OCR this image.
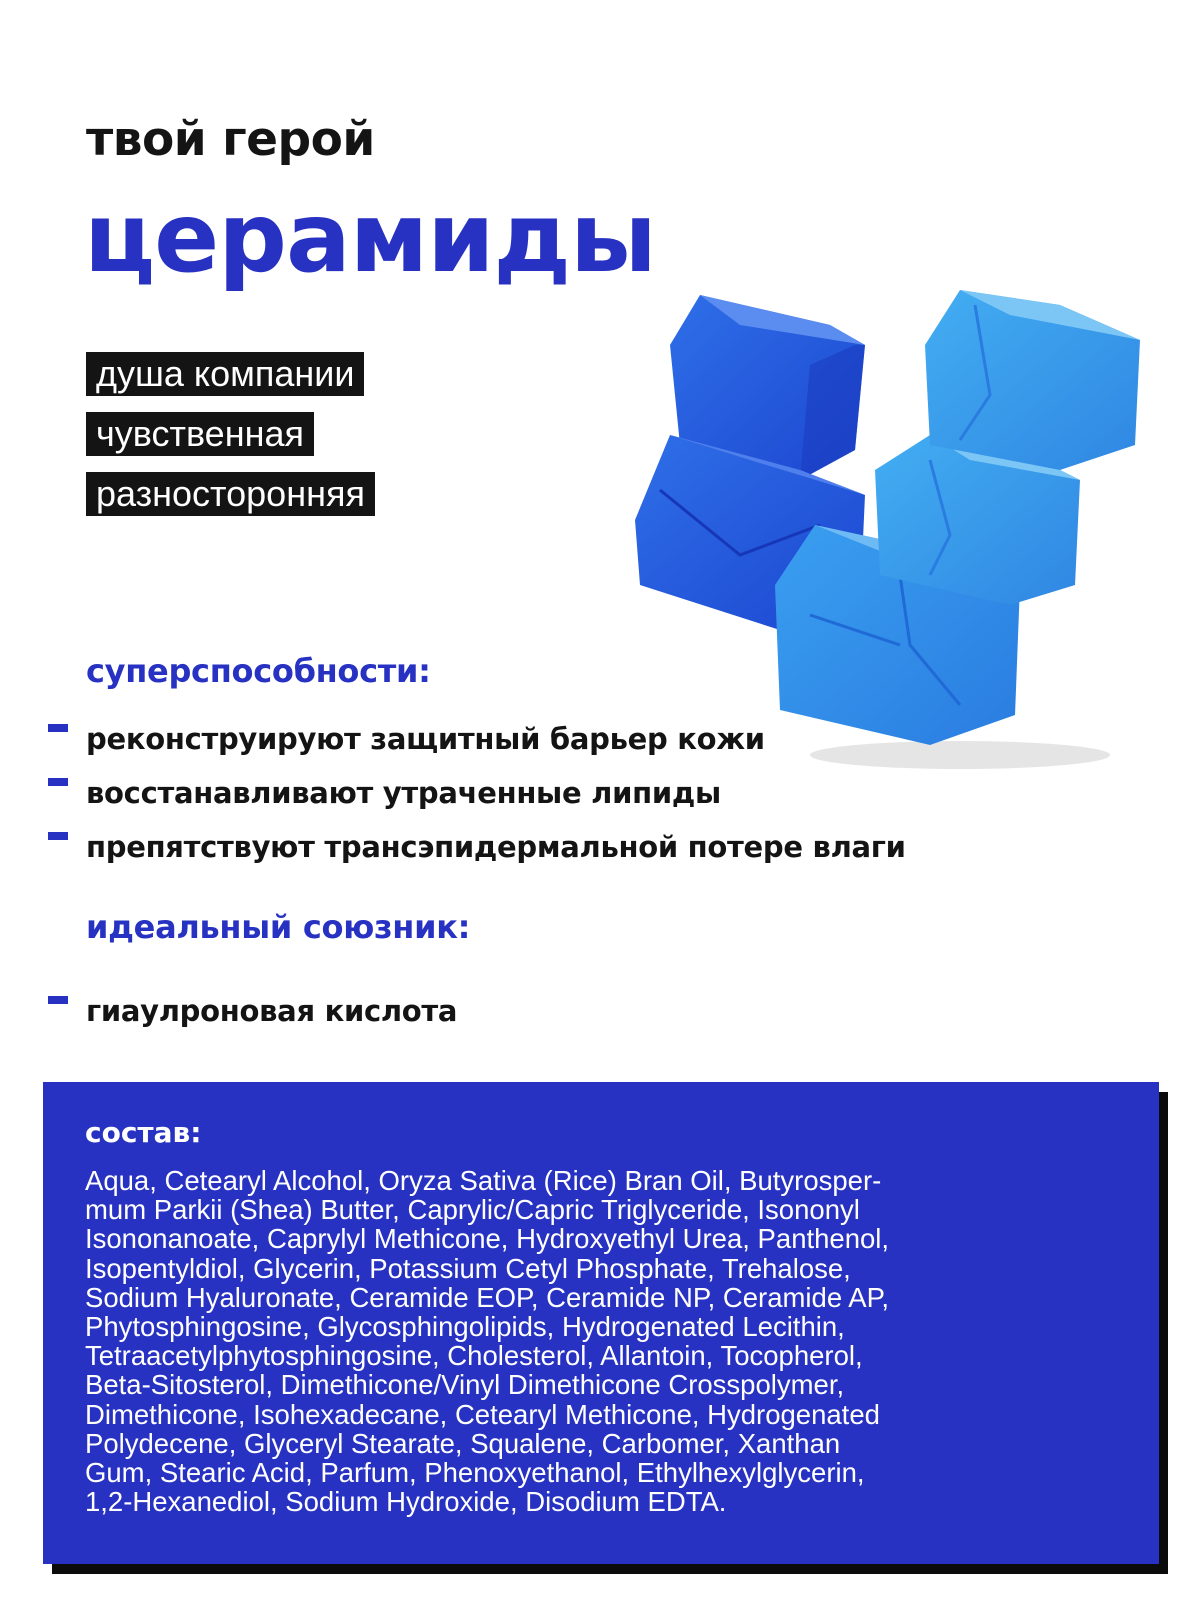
твой герой
церамиды
душа компании
чувственная
разносторонняя
суперспособности:
реконструируют защитный барьер кожи
восстанавливают утраченные липиды
препятствуют трансэпидермальной потере влаги
идеальный союзник:
гиаулроновая кислота
состав:

Aqua, Cetearyl Alcohol, Oryza Sativa (Rice) Bran Oil, Butyrosper-
mum Parkii (Shea) Butter, Caprylic/Capric Triglyceride, Isononyl
Isononanoate, Caprylyl Methicone, Hydroxyethyl Urea, Panthenol,
Isopentyldiol, Glycerin, Potassium Cetyl Phosphate, Trehalose,
Sodium Hyaluronate, Ceramide EOP, Ceramide NP, Ceramide AP,
Phytosphingosine, Glycosphingolipids, Hydrogenated Lecithin,
Tetraacetylphytosphingosine, Cholesterol, Allantoin, Tocopherol,
Beta-Sitosterol, Dimethicone/Vinyl Dimethicone Crosspolymer,
Dimethicone, Isohexadecane, Cetearyl Methicone, Hydrogenated
Polydecene, Glyceryl Stearate, Squalene, Carbomer, Xanthan
Gum, Stearic Acid, Parfum, Phenoxyethanol, Ethylhexylglycerin,
1,2-Hexanediol, Sodium Hydroxide, Disodium EDTA.
